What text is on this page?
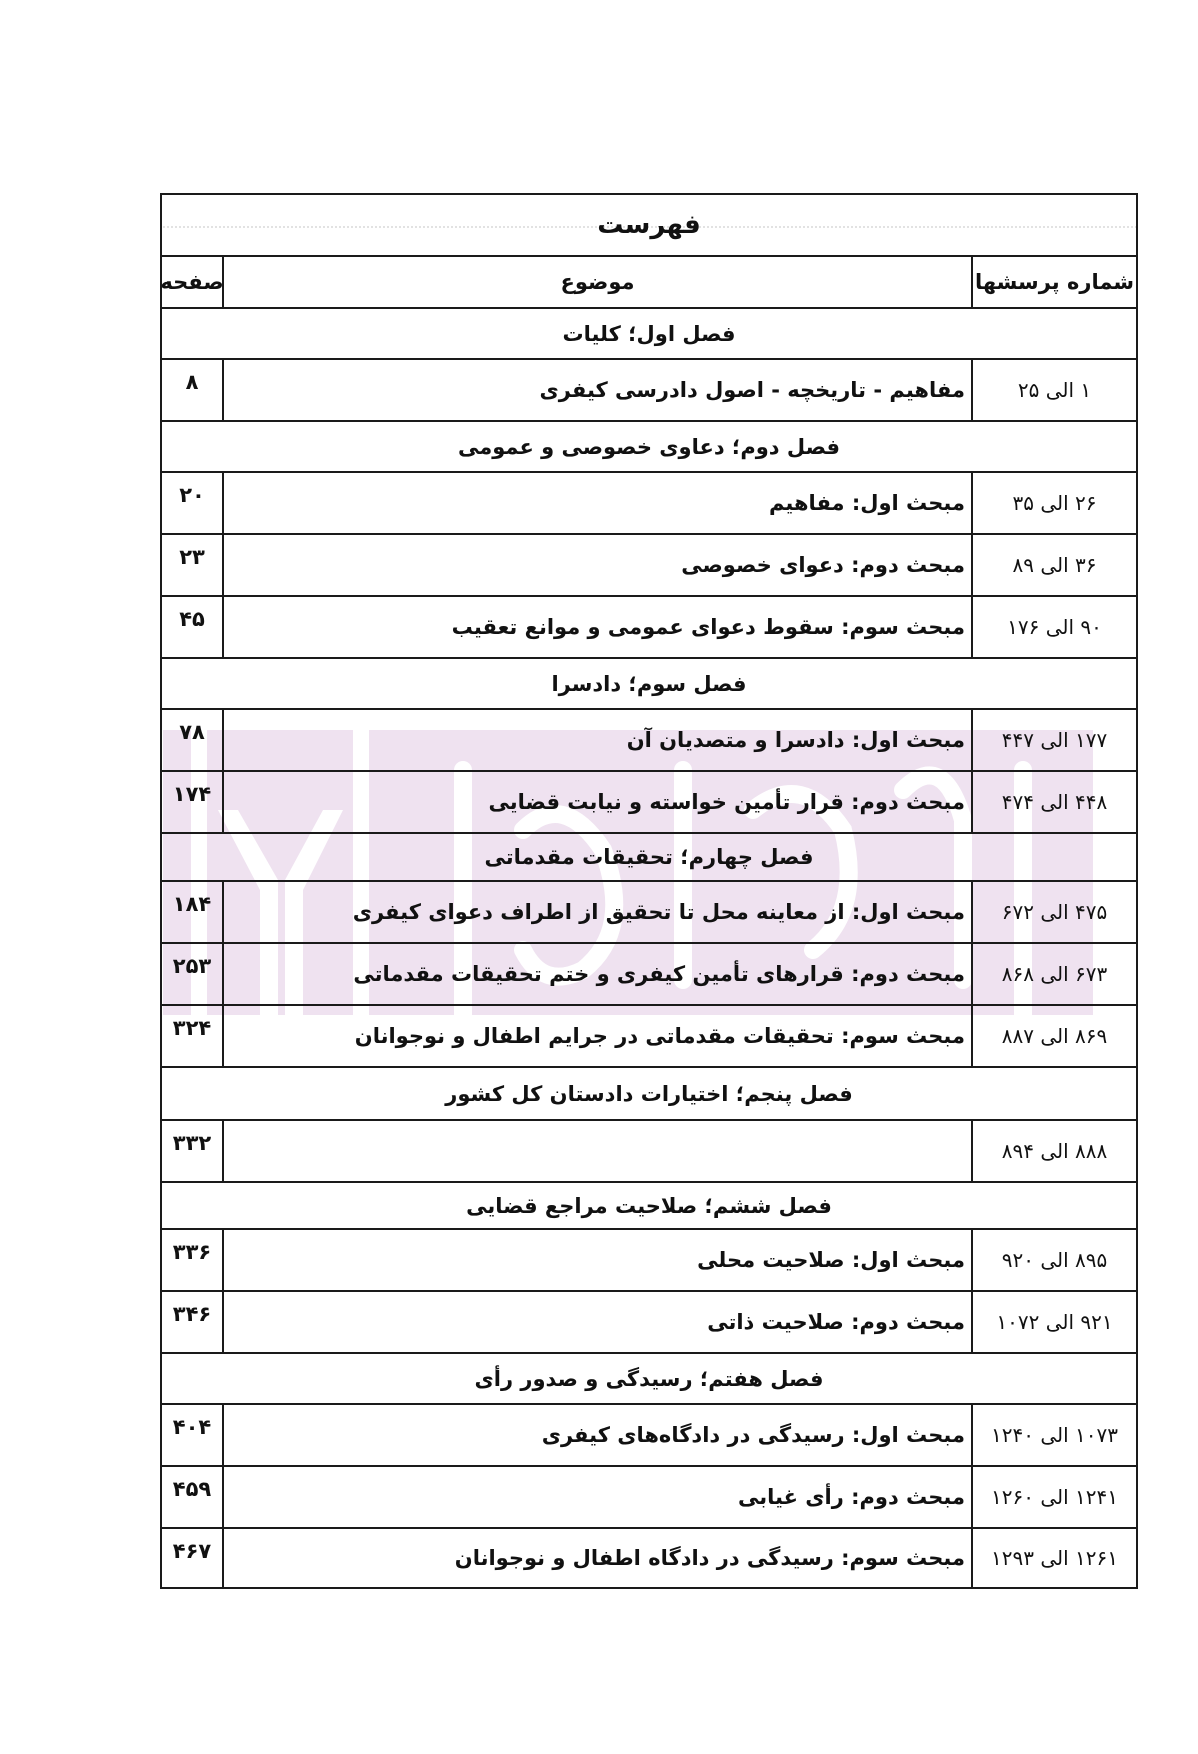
فهرست
شماره پرسشها
موضوع
صفحه
فصل اول؛ کلیات
۱ الی ۲۵
مفاهیم - تاریخچه - اصول دادرسی کیفری
۸
فصل دوم؛ دعاوی خصوصی و عمومی
۲۶ الی ۳۵
مبحث اول: مفاهیم
۲۰
۳۶ الی ۸۹
مبحث دوم: دعوای خصوصی
۲۳
۹۰ الی ۱۷۶
مبحث سوم: سقوط دعوای عمومی و موانع تعقیب
۴۵
فصل سوم؛ دادسرا
۱۷۷ الی ۴۴۷
مبحث اول: دادسرا و متصدیان آن
۷۸
۴۴۸ الی ۴۷۴
مبحث دوم: قرار تأمین خواسته و نیابت قضایی
۱۷۴
فصل چهارم؛ تحقیقات مقدماتی
۴۷۵ الی ۶۷۲
مبحث اول: از معاینه محل تا تحقیق از اطراف دعوای کیفری
۱۸۴
۶۷۳ الی ۸۶۸
مبحث دوم: قرارهای تأمین کیفری و ختم تحقیقات مقدماتی
۲۵۳
۸۶۹ الی ۸۸۷
مبحث سوم: تحقیقات مقدماتی در جرایم اطفال و نوجوانان
۳۲۴
فصل پنجم؛ اختیارات دادستان کل کشور
۸۸۸ الی ۸۹۴
۳۳۲
فصل ششم؛ صلاحیت مراجع قضایی
۸۹۵ الی ۹۲۰
مبحث اول: صلاحیت محلی
۳۳۶
۹۲۱ الی ۱۰۷۲
مبحث دوم: صلاحیت ذاتی
۳۴۶
فصل هفتم؛ رسیدگی و صدور رأی
۱۰۷۳ الی ۱۲۴۰
مبحث اول: رسیدگی در دادگاه‌های کیفری
۴۰۴
۱۲۴۱ الی ۱۲۶۰
مبحث دوم: رأی غیابی
۴۵۹
۱۲۶۱ الی ۱۲۹۳
مبحث سوم: رسیدگی در دادگاه اطفال و نوجوانان
۴۶۷
